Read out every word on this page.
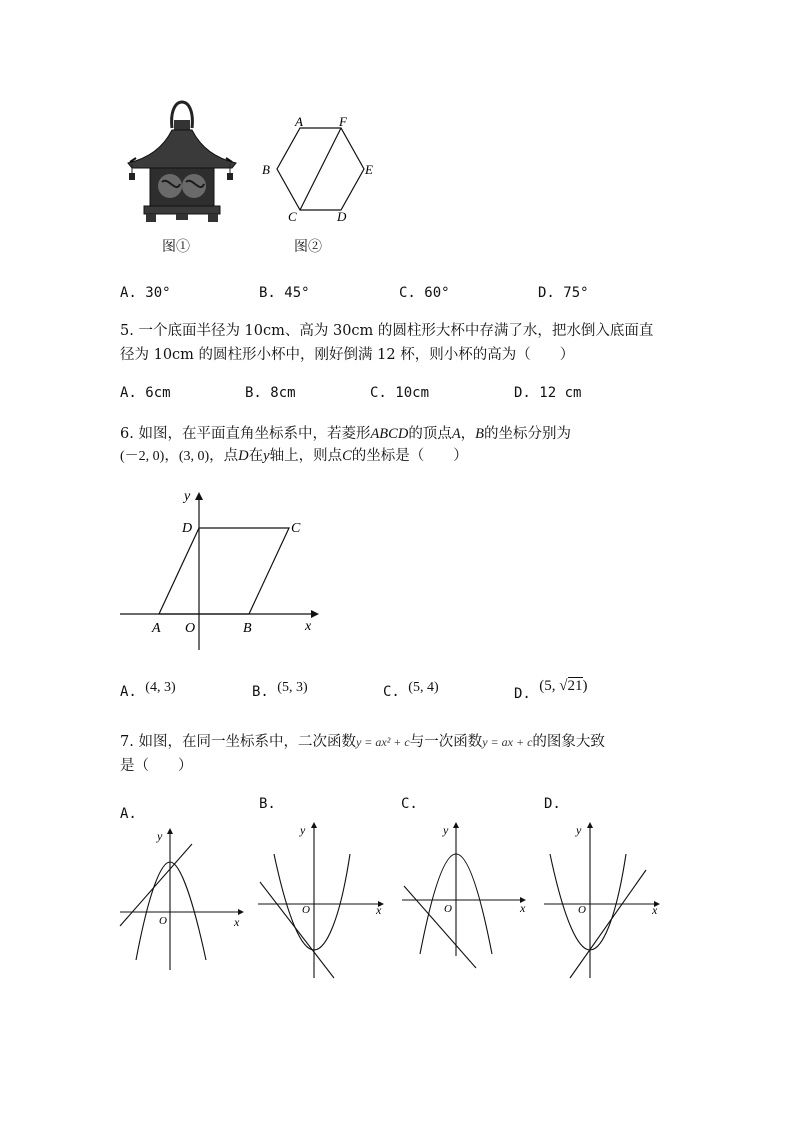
图①
A	F
B	E
C	D
图②
A. 30°	B. 45°	C. 60°	D. 75°
5. 一个底面半径为 10cm、高为 30cm 的圆柱形大杯中存满了水，把水倒入底面直
径为 10cm 的圆柱形小杯中，刚好倒满 12 杯，则小杯的高为（　　）
A. 6cm	B. 8cm	C. 10cm	D. 12 cm
6. 如图，在平面直角坐标系中，若菱形ABCD的顶点A，B的坐标分别为
(－2, 0)，(3, 0)，点D在y轴上，则点C的坐标是（　　）
y
D	C
A O	B	x
A. (4, 3)	B. (5, 3)	C. (5, 4)	D. (5, √21)
7. 如图，在同一坐标系中，二次函数y = ax² + c与一次函数y = ax + c的图象大致
是（　　）
A.
B.	C.	D.
y
O	x
y
O	x
y
O	x
y
O	x
